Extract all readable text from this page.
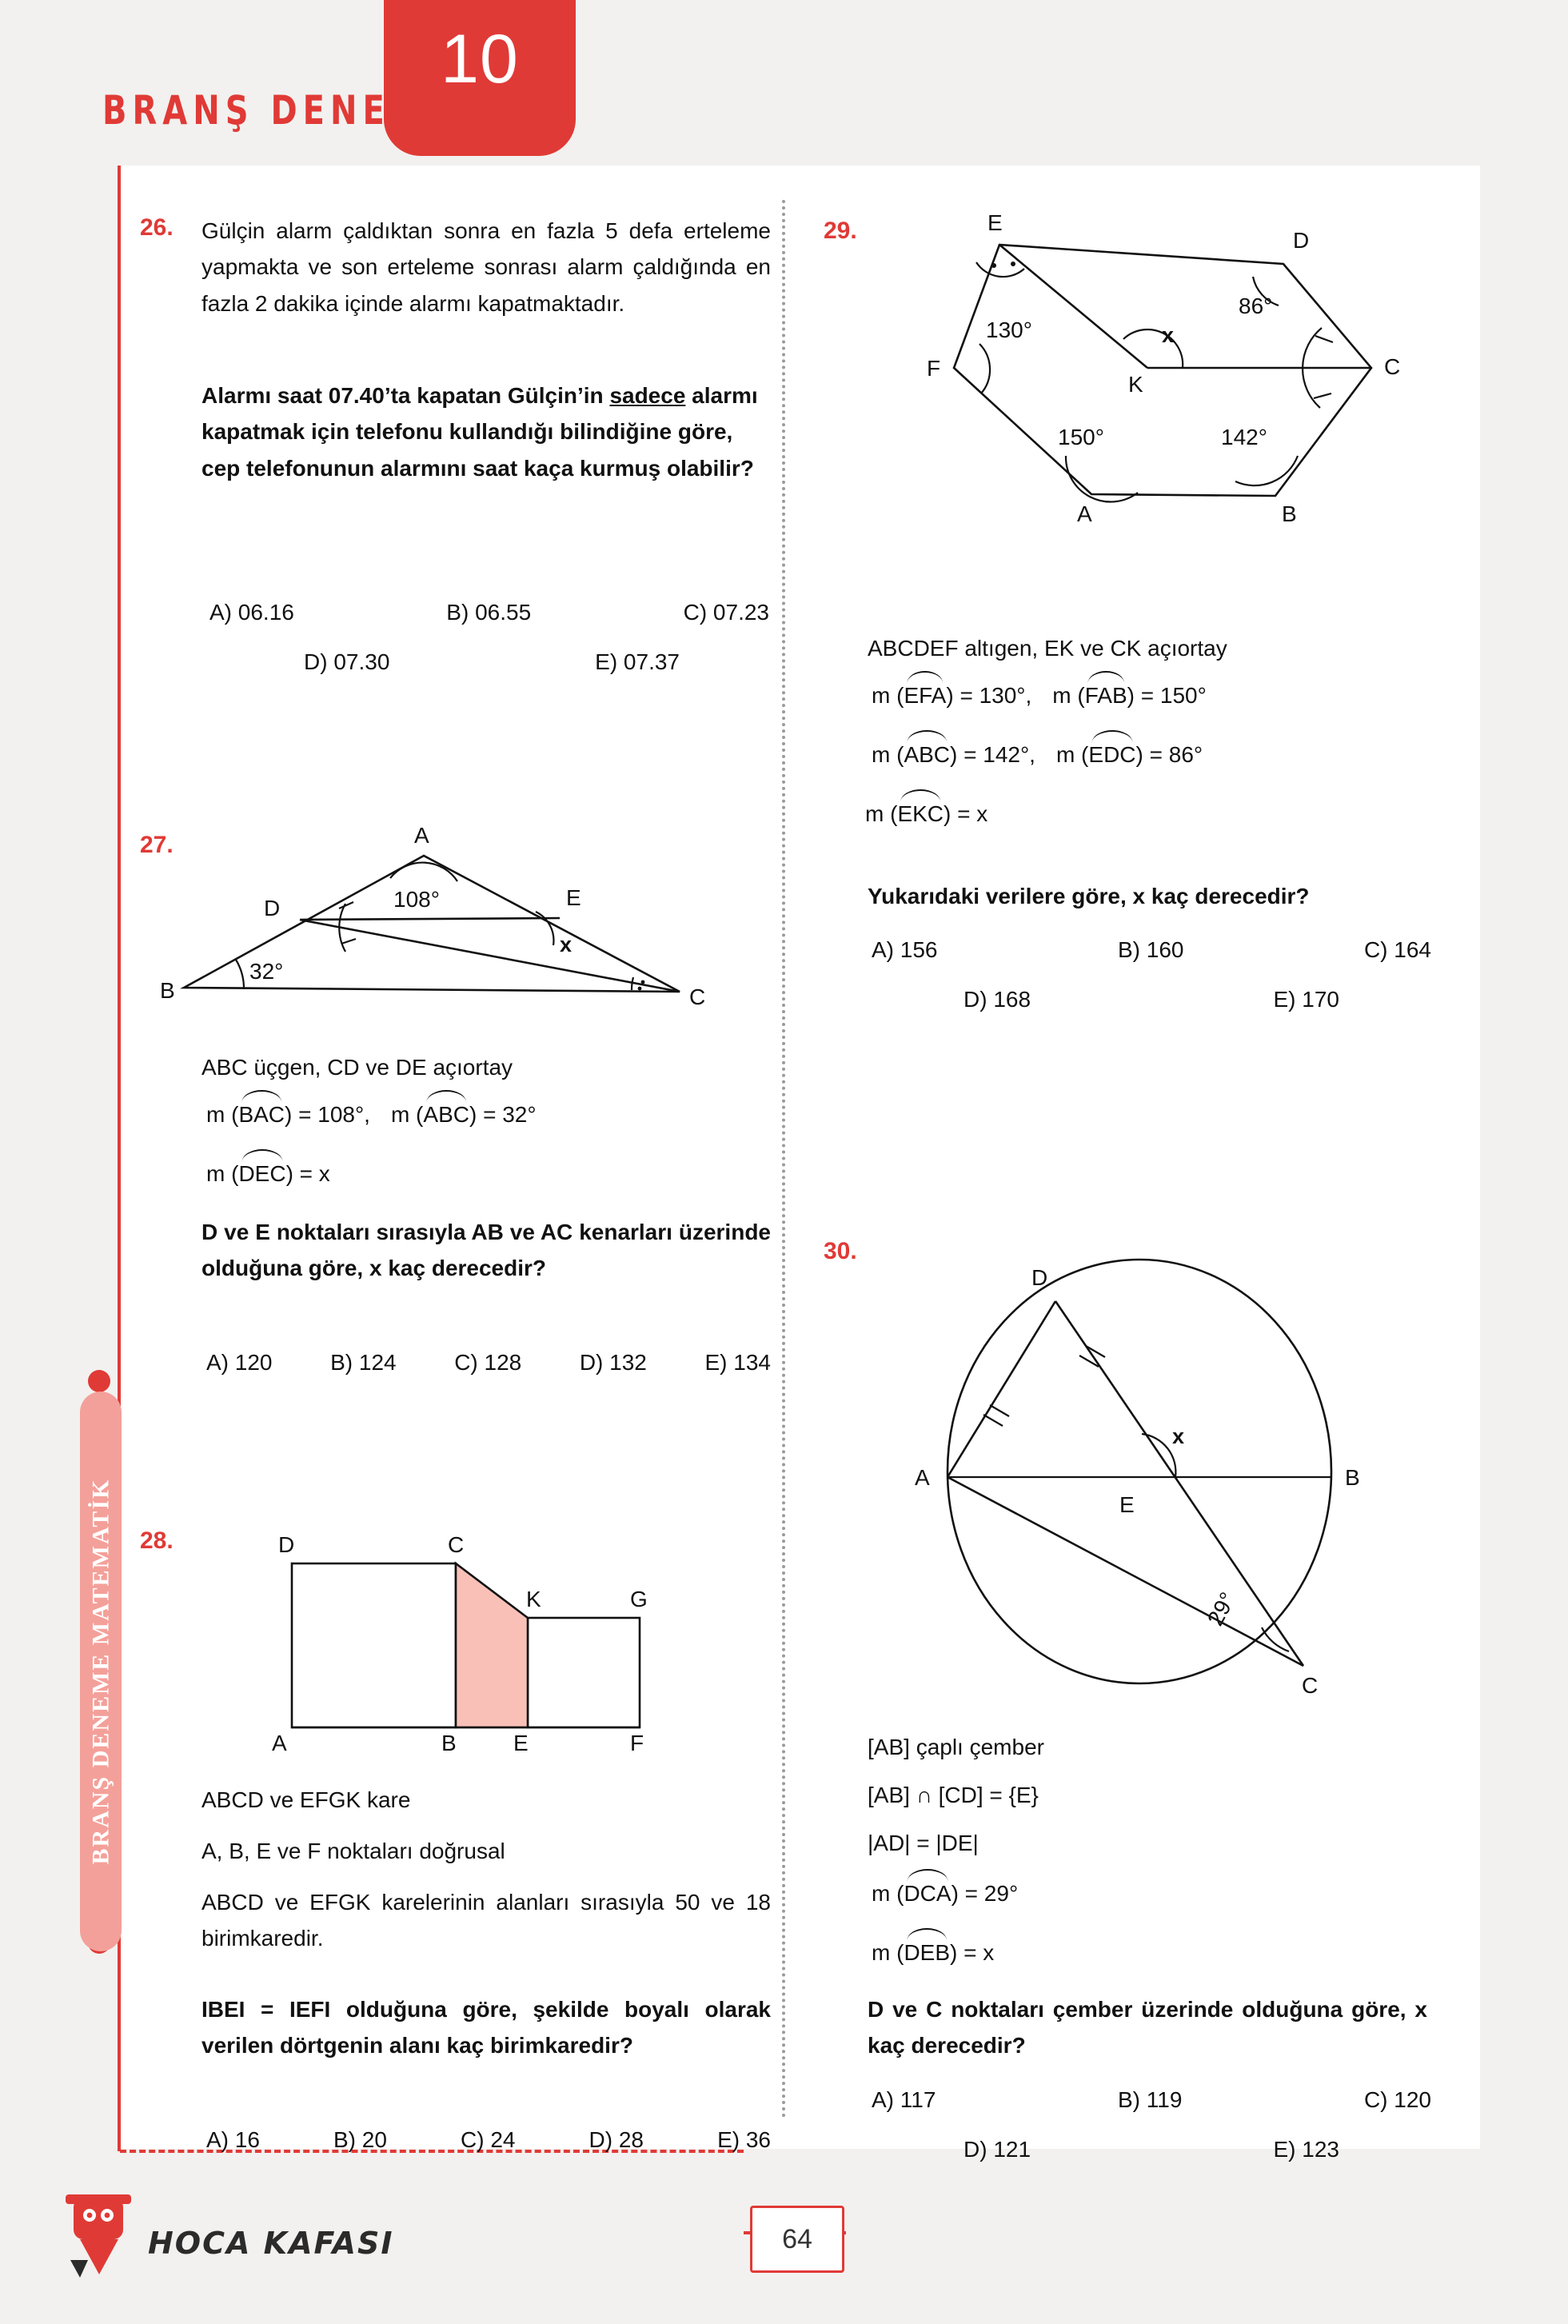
10
BRANŞ DENEME
BRANŞ DENEME MATEMATİK
26. Gülçin alarm çaldıktan sonra en fazla 5 defa erteleme yapmakta ve son erteleme sonrası alarm çaldığında en fazla 2 dakika içinde alarmı kapatmaktadır.
Alarmı saat 07.40’ta kapatan Gülçin’in sadece alarmı kapatmak için telefonu kullandığı bilindiğine göre, cep telefonunun alarmını saat kaça kurmuş olabilir?
A) 06.16	B) 06.55	C) 07.23
D) 07.30	E) 07.37
27.	A
B	C
D	E
108°
32°
x
ABC üçgen, CD ve DE açıortay
m ( BAC ) = 108°, m ( ABC ) = 32°
m ( DEC ) = x
D ve E noktaları sırasıyla AB ve AC kenarları üzerinde olduğuna göre, x kaç derecedir?
A) 120	B) 124	C) 128	D) 132	E) 134
28.
A	B
C
D
E	F
G
K
ABCD ve EFGK kare
A, B, E ve F noktaları doğrusal
ABCD ve EFGK karelerinin alanları sırasıyla 50 ve 18 birimkaredir.
IBEI = IEFI olduğuna göre, şekilde boyalı olarak verilen dörtgenin alanı kaç birimkaredir?
A) 16	B) 20	C) 24	D) 28	E) 36
29.	E
D
C
B
A
F
K
86°
130°
150°	142°
x
ABCDEF altıgen, EK ve CK açıortay
m ( EFA ) = 130°, m ( FAB ) = 150°
m ( ABC ) = 142°, m ( EDC ) = 86°
m ( EKC ) = x
Yukarıdaki verilere göre, x kaç derecedir?
A) 156	B) 160	C) 164
D) 168	E) 170
30.
D
A	B
E
C
x
29°
[AB] çaplı çember
[AB] ∩ [CD] = {E}
|AD| = |DE|
m ( DCA ) = 29°
m ( DEB ) = x
D ve C noktaları çember üzerinde olduğuna göre, x kaç derecedir?
A) 117	B) 119	C) 120
D) 121	E) 123
HOCA KAFASI	64
